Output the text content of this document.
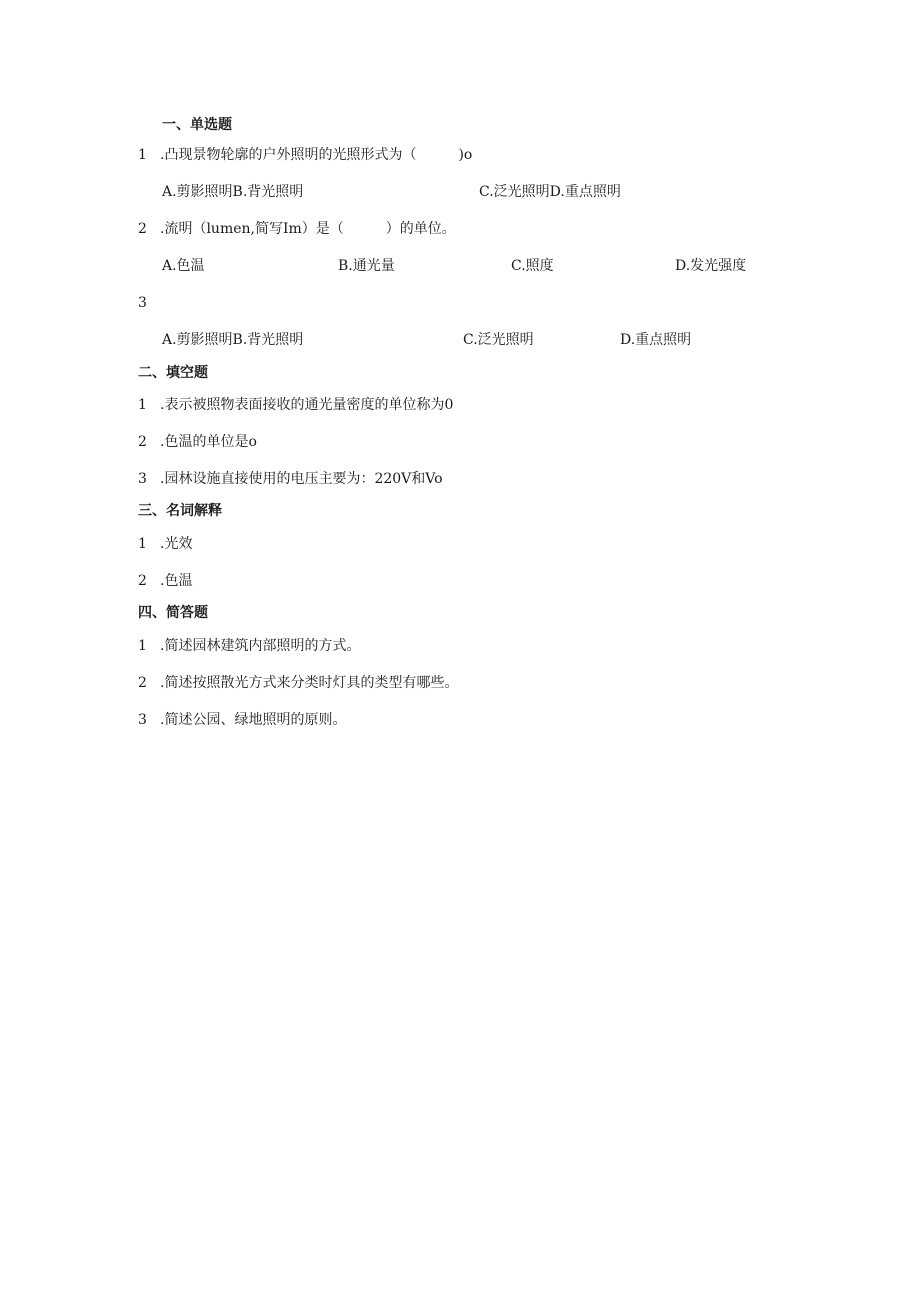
一、单选题
1 .凸现景物轮廓的户外照明的光照形式为（　　　)o
A.剪影照明B.背光照明	C.泛光照明D.重点照明
2 .流明（lumen,简写Im）是（　　　）的单位。
A.色温	B.通光量	C.照度	D.发光强度
3
A.剪影照明B.背光照明	C.泛光照明	D.重点照明
二、填空题
1 .表示被照物表面接收的通光量密度的单位称为0
2 .色温的单位是o
3 .园林设施直接使用的电压主要为：220V和Vo
三、名词解释
1 .光效
2 .色温
四、简答题
1 .简述园林建筑内部照明的方式。
2 .简述按照散光方式来分类时灯具的类型有哪些。
3 .简述公园、绿地照明的原则。
